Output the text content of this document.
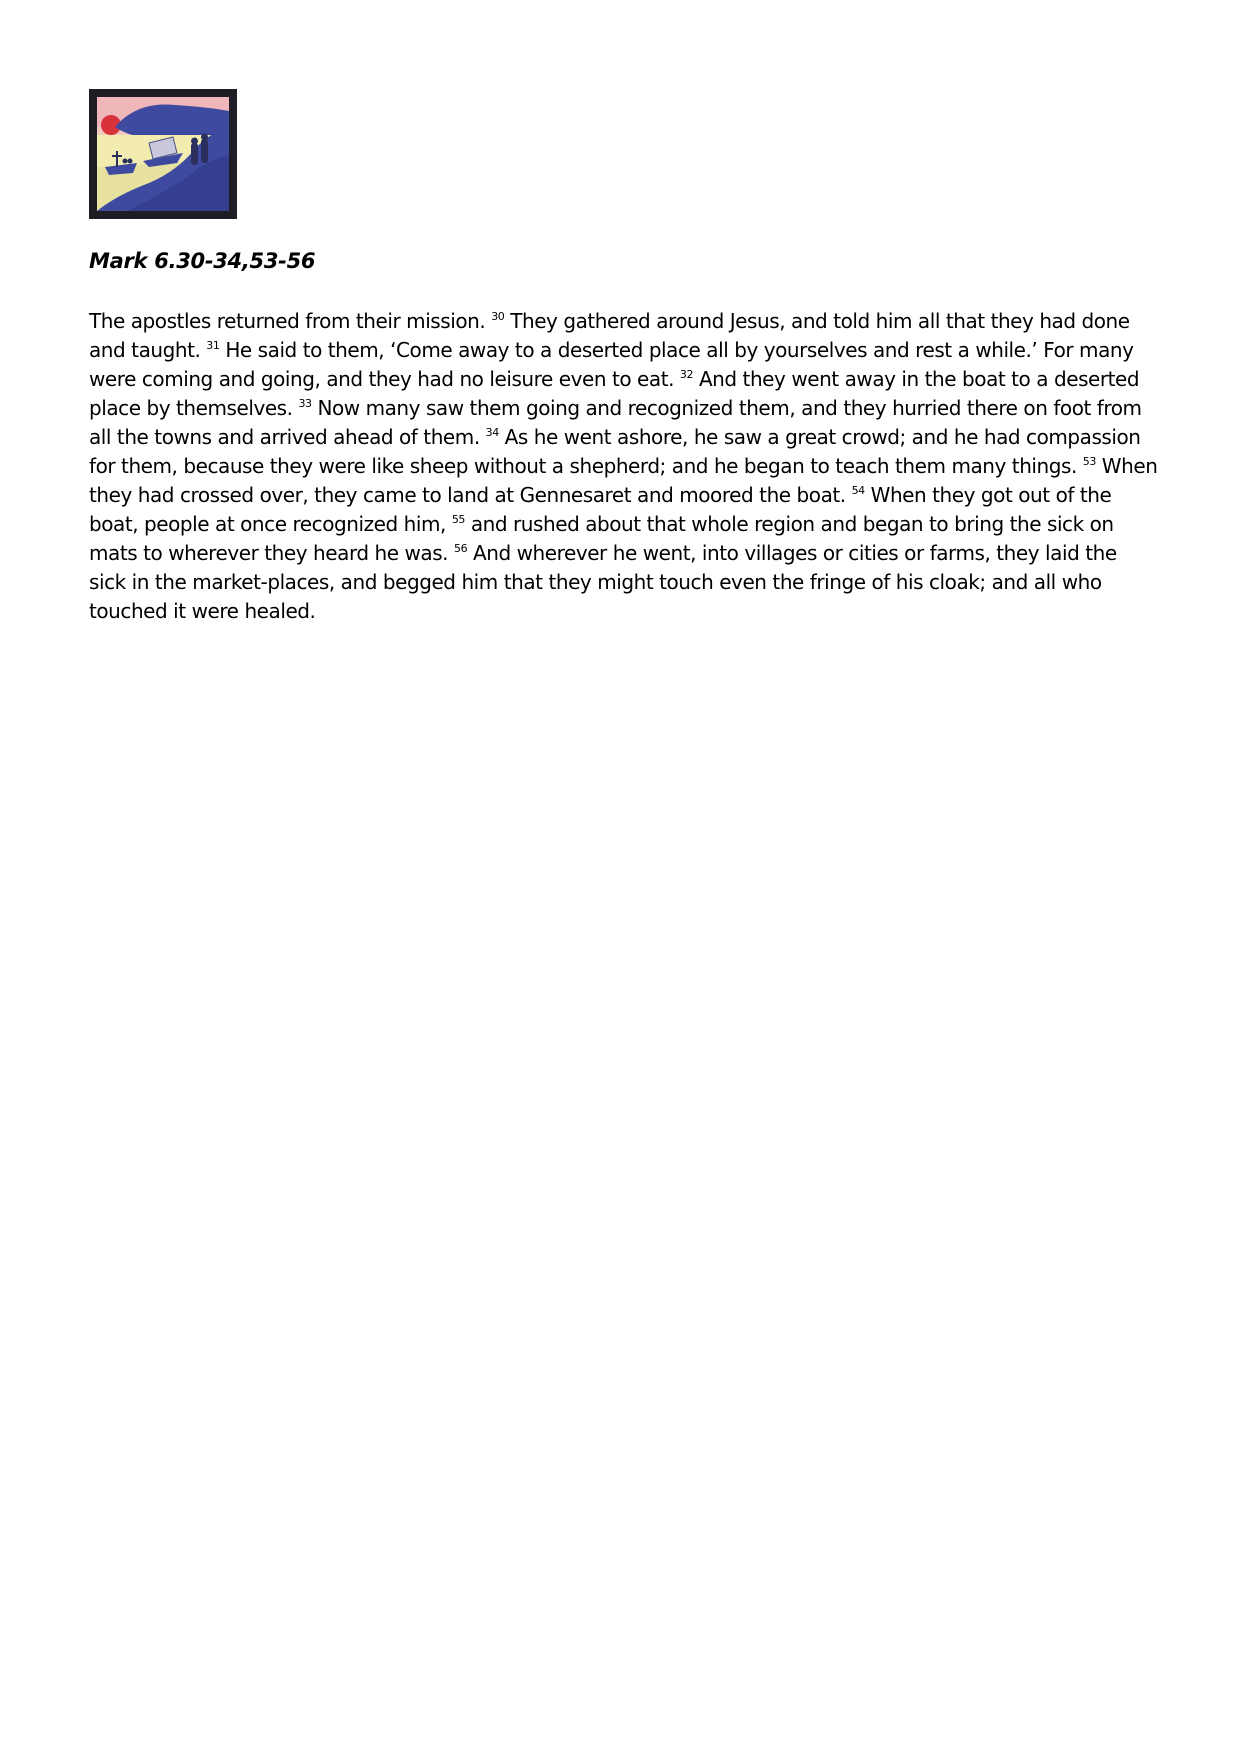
Mark 6.30-34,53-56

The apostles returned from their mission. $^{30}$ They gathered around Jesus, and told him all that they had done and taught. $^{31}$ He said to them, ‘Come away to a deserted place all by yourselves and rest a while.’ For many were coming and going, and they had no leisure even to eat. $^{32}$ And they went away in the boat to a deserted place by themselves. $^{33}$ Now many saw them going and recognized them, and they hurried there on foot from all the towns and arrived ahead of them. $^{34}$ As he went ashore, he saw a great crowd; and he had compassion for them, because they were like sheep without a shepherd; and he began to teach them many things. $^{53}$ When they had crossed over, they came to land at Gennesaret and moored the boat. $^{54}$ When they got out of the boat, people at once recognized him, $^{55}$ and rushed about that whole region and began to bring the sick on mats to wherever they heard he was. $^{56}$ And wherever he went, into villages or cities or farms, they laid the sick in the market-places, and begged him that they might touch even the fringe of his cloak; and all who touched it were healed.
